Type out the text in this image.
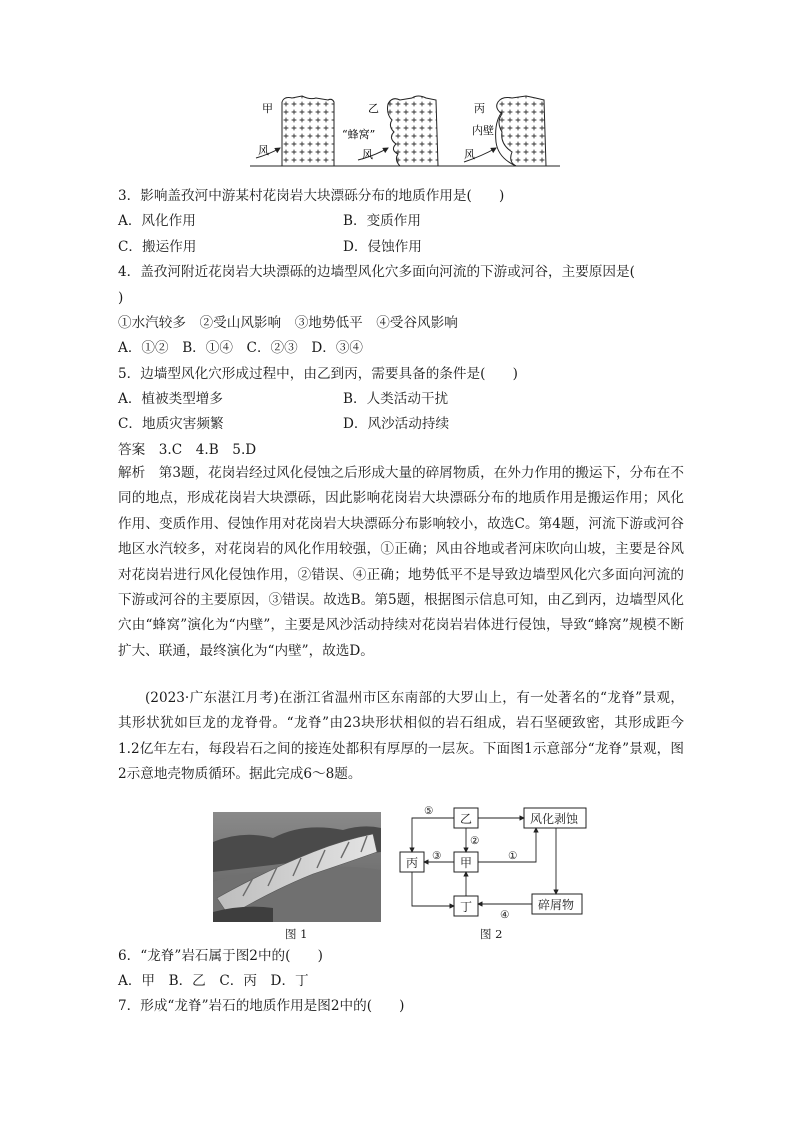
甲
风
乙
“蜂窝”
风
丙
内壁
风
3．影响盖孜河中游某村花岗岩大块漂砾分布的地质作用是(　　)
A．风化作用	B．变质作用
C．搬运作用	D．侵蚀作用
4．盖孜河附近花岗岩大块漂砾的边墙型风化穴多面向河流的下游或河谷，主要原因是(
)
①水汽较多　②受山风影响　③地势低平　④受谷风影响
A．①②　B．①④　C．②③　D．③④
5．边墙型风化穴形成过程中，由乙到丙，需要具备的条件是(　　)
A．植被类型增多	B．人类活动干扰
C．地质灾害频繁	D．风沙活动持续
答案　3.C　4.B　5.D
解析　第3题，花岗岩经过风化侵蚀之后形成大量的碎屑物质，在外力作用的搬运下，分布在不同的地点，形成花岗岩大块漂砾，因此影响花岗岩大块漂砾分布的地质作用是搬运作用；风化作用、变质作用、侵蚀作用对花岗岩大块漂砾分布影响较小，故选C。第4题，河流下游或河谷地区水汽较多，对花岗岩的风化作用较强，①正确；风由谷地或者河床吹向山坡，主要是谷风对花岗岩进行风化侵蚀作用，②错误、④正确；地势低平不是导致边墙型风化穴多面向河流的下游或河谷的主要原因，③错误。故选B。第5题，根据图示信息可知，由乙到丙，边墙型风化穴由“蜂窝”演化为“内壁”，主要是风沙活动持续对花岗岩岩体进行侵蚀，导致“蜂窝”规模不断扩大、联通，最终演化为“内壁”，故选D。
(2023·广东湛江月考)在浙江省温州市区东南部的大罗山上，有一处著名的“龙脊”景观，其形状犹如巨龙的龙脊骨。“龙脊”由23块形状相似的岩石组成，岩石坚硬致密，其形成距今1.2亿年左右，每段岩石之间的接连处都积有厚厚的一层灰。下面图1示意部分“龙脊”景观，图2示意地壳物质循环。据此完成6～8题。
图 1
乙
甲
丙
丁
风化剥蚀
碎屑物
⑤
②
③	①
④
图 2
6．“龙脊”岩石属于图2中的(　　)
A．甲　B．乙　C．丙　D．丁
7．形成“龙脊”岩石的地质作用是图2中的(　　)
